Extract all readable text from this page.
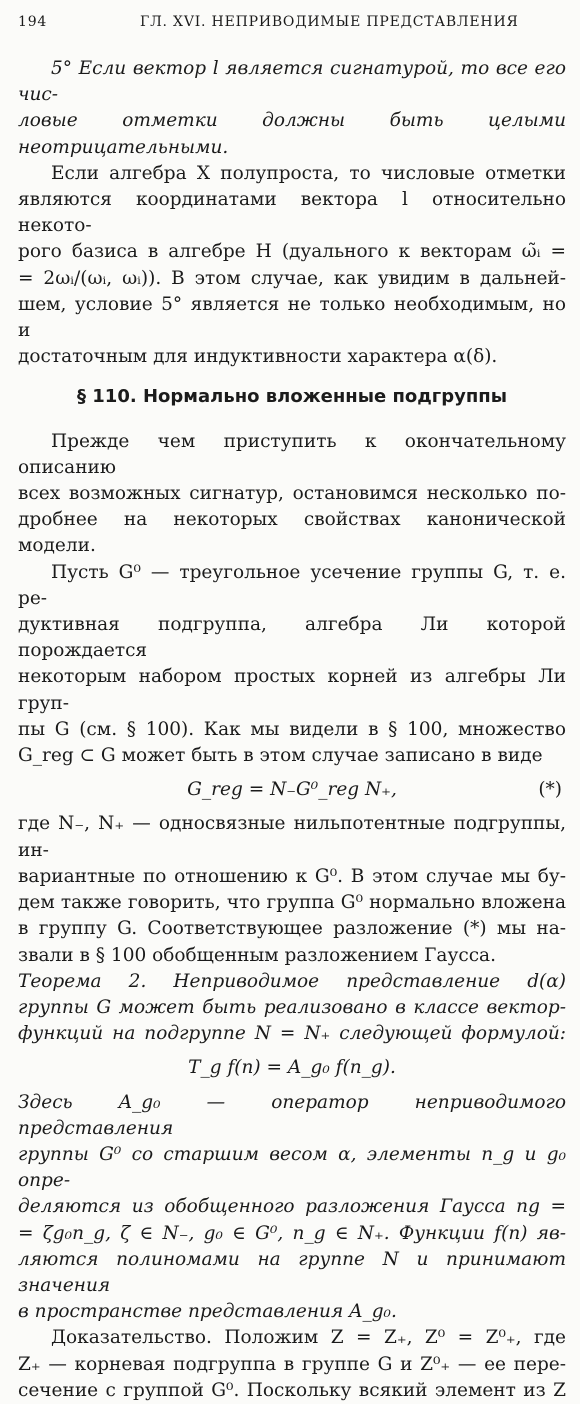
194	ГЛ. XVI. НЕПРИВОДИМЫЕ ПРЕДСТАВЛЕНИЯ
5° Если вектор l является сигнатурой, то все его чис-
ловые отметки должны быть целыми неотрицательными.
Если алгебра X полупроста, то числовые отметки
являются координатами вектора l относительно некото-
рого базиса в алгебре H (дуального к векторам ω̃ᵢ =
= 2ωᵢ/(ωᵢ, ωᵢ)). В этом случае, как увидим в дальней-
шем, условие 5° является не только необходимым, но и
достаточным для индуктивности характера α(δ).
§ 110. Нормально вложенные подгруппы
Прежде чем приступить к окончательному описанию
всех возможных сигнатур, остановимся несколько по-
дробнее на некоторых свойствах канонической модели.
Пусть G⁰ — треугольное усечение группы G, т. е. ре-
дуктивная подгруппа, алгебра Ли которой порождается
некоторым набором простых корней из алгебры Ли груп-
пы G (см. § 100). Как мы видели в § 100, множество
G_reg ⊂ G может быть в этом случае записано в виде
G_reg = N₋G⁰_reg N₊,	(*)
где N₋, N₊ — односвязные нильпотентные подгруппы, ин-
вариантные по отношению к G⁰. В этом случае мы бу-
дем также говорить, что группа G⁰ нормально вложена
в группу G. Соответствующее разложение (*) мы на-
звали в § 100 обобщенным разложением Гаусса.
Теорема 2. Неприводимое представление d(α)
группы G может быть реализовано в классе вектор-
функций на подгруппе N = N₊ следующей формулой:
T_g f(n) = A_g₀ f(n_g).
Здесь A_g₀ — оператор неприводимого представления
группы G⁰ со старшим весом α, элементы n_g и g₀ опре-
деляются из обобщенного разложения Гаусса ng =
= ζg₀n_g, ζ ∈ N₋, g₀ ∈ G⁰, n_g ∈ N₊. Функции f(n) яв-
ляются полиномами на группе N и принимают значения
в пространстве представления A_g₀.
Доказательство. Положим Z = Z₊, Z⁰ = Z⁰₊, где
Z₊ — корневая подгруппа в группе G и Z⁰₊ — ее пере-
сечение с группой G⁰. Поскольку всякий элемент из Z
